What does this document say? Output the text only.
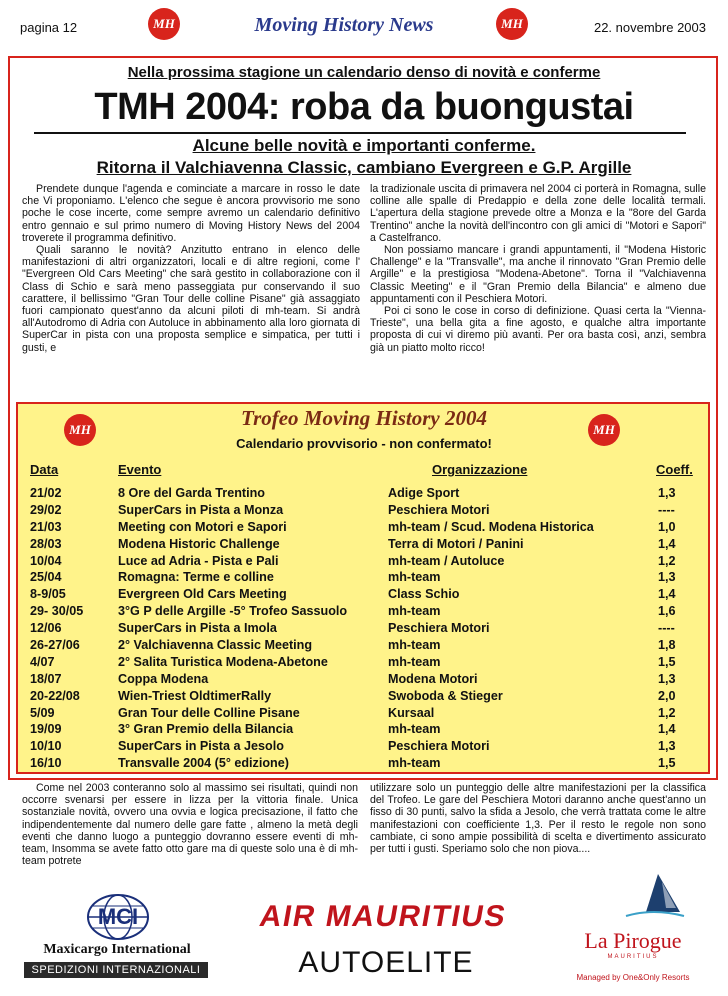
pagina 12	MH	Moving History News	MH	22. novembre 2003
Nella prossima stagione un calendario denso di novità e conferme
TMH 2004: roba da buongustai
Alcune belle novità e importanti conferme.
Ritorna il Valchiavenna Classic, cambiano Evergreen e G.P. Argille

Prendete dunque l'agenda e cominciate a marcare in rosso le date che Vi proponiamo. L'elenco che segue è ancora provvisorio me sono poche le cose incerte, come sempre avremo un calendario definitivo entro gennaio e sul primo numero di Moving History News del 2004 troverete il programma definitivo.

Quali saranno le novità? Anzitutto entrano in elenco delle manifestazioni di altri organizzatori, locali e di altre regioni, come l' "Evergreen Old Cars Meeting" che sarà gestito in collaborazione con il Class di Schio e sarà meno passeggiata pur conservando il suo carattere, il bellissimo "Gran Tour delle colline Pisane" già assaggiato fuori campionato quest'anno da alcuni piloti di mh-team. Si andrà all'Autodromo di Adria con Autoluce in abbinamento alla loro giornata di SuperCar in pista con una proposta semplice e simpatica, per tutti i gusti, e

la tradizionale uscita di primavera nel 2004 ci porterà in Romagna, sulle colline alle spalle di Predappio e della zone delle località termali. L'apertura della stagione prevede oltre a Monza e la "8ore del Garda Trentino" anche la novità dell'incontro con gli amici di "Motori e Sapori" a Castelfranco.

Non possiamo mancare i grandi appuntamenti, il "Modena Historic Challenge" e la "Transvalle", ma anche il rinnovato "Gran Premio delle Argille" e la prestigiosa "Modena-Abetone". Torna il "Valchiavenna Classic Meeting" e il "Gran Premio della Bilancia" e almeno due appuntamenti con il Peschiera Motori.

Poi ci sono le cose in corso di definizione. Quasi certa la "Vienna-Trieste", una bella gita a fine agosto, e qualche altra importante proposta di cui vi diremo più avanti. Per ora basta così, anzi, sembra già un piatto molto ricco!

MH	MH
Trofeo Moving History 2004
Calendario provvisorio - non confermato!
Data	Evento	Organizzazione	Coeff.
21/02	8 Ore del Garda Trentino	Adige Sport	1,3
29/02	SuperCars in Pista a Monza	Peschiera Motori	----
21/03	Meeting con Motori e Sapori	mh-team / Scud. Modena Historica	1,0
28/03	Modena Historic Challenge	Terra di Motori / Panini	1,4
10/04	Luce ad Adria - Pista e Pali	mh-team / Autoluce	1,2
25/04	Romagna: Terme e colline	mh-team	1,3
8-9/05	Evergreen Old Cars Meeting	Class Schio	1,4
29- 30/05	3°G P delle Argille -5° Trofeo Sassuolo	mh-team	1,6
12/06	SuperCars in Pista a Imola	Peschiera Motori	----
26-27/06	2° Valchiavenna Classic Meeting	mh-team	1,8
4/07	2° Salita Turistica Modena-Abetone	mh-team	1,5
18/07	Coppa Modena	Modena Motori	1,3
20-22/08	Wien-Triest OldtimerRally	Swoboda & Stieger	2,0
5/09	Gran Tour delle Colline Pisane	Kursaal	1,2
19/09	3° Gran Premio della Bilancia	mh-team	1,4
10/10	SuperCars in Pista a Jesolo	Peschiera Motori	1,3
16/10	Transvalle 2004 (5° edizione)	mh-team	1,5

Come nel 2003 conteranno solo al massimo sei risultati, quindi non occorre svenarsi per essere in lizza per la vittoria finale. Unica sostanziale novità, ovvero una ovvia e logica precisazione, il fatto che indipendentemente dal numero delle gare fatte , almeno la metà degli eventi che danno luogo a punteggio dovranno essere eventi di mh-team, Insomma se avete fatto otto gare ma di queste solo una è di mh-team potrete

utilizzare solo un punteggio delle altre manifestazioni per la classifica del Trofeo. Le gare del Peschiera Motori daranno anche quest'anno un fisso di 30 punti, salvo la sfida a Jesolo, che verrà trattata come le altre manifestazioni con coefficiente 1,3. Per il resto le regole non sono cambiate, ci sono ampie possibilità di scelta e divertimento assicurato per tutti i gusti. Speriamo solo che non piova....

MCI
Maxicargo International
SPEDIZIONI INTERNAZIONALI
AIR MAURITIUS
AUTOELITE
La Pirogue
MAURITIUS
Managed by One&Only Resorts
